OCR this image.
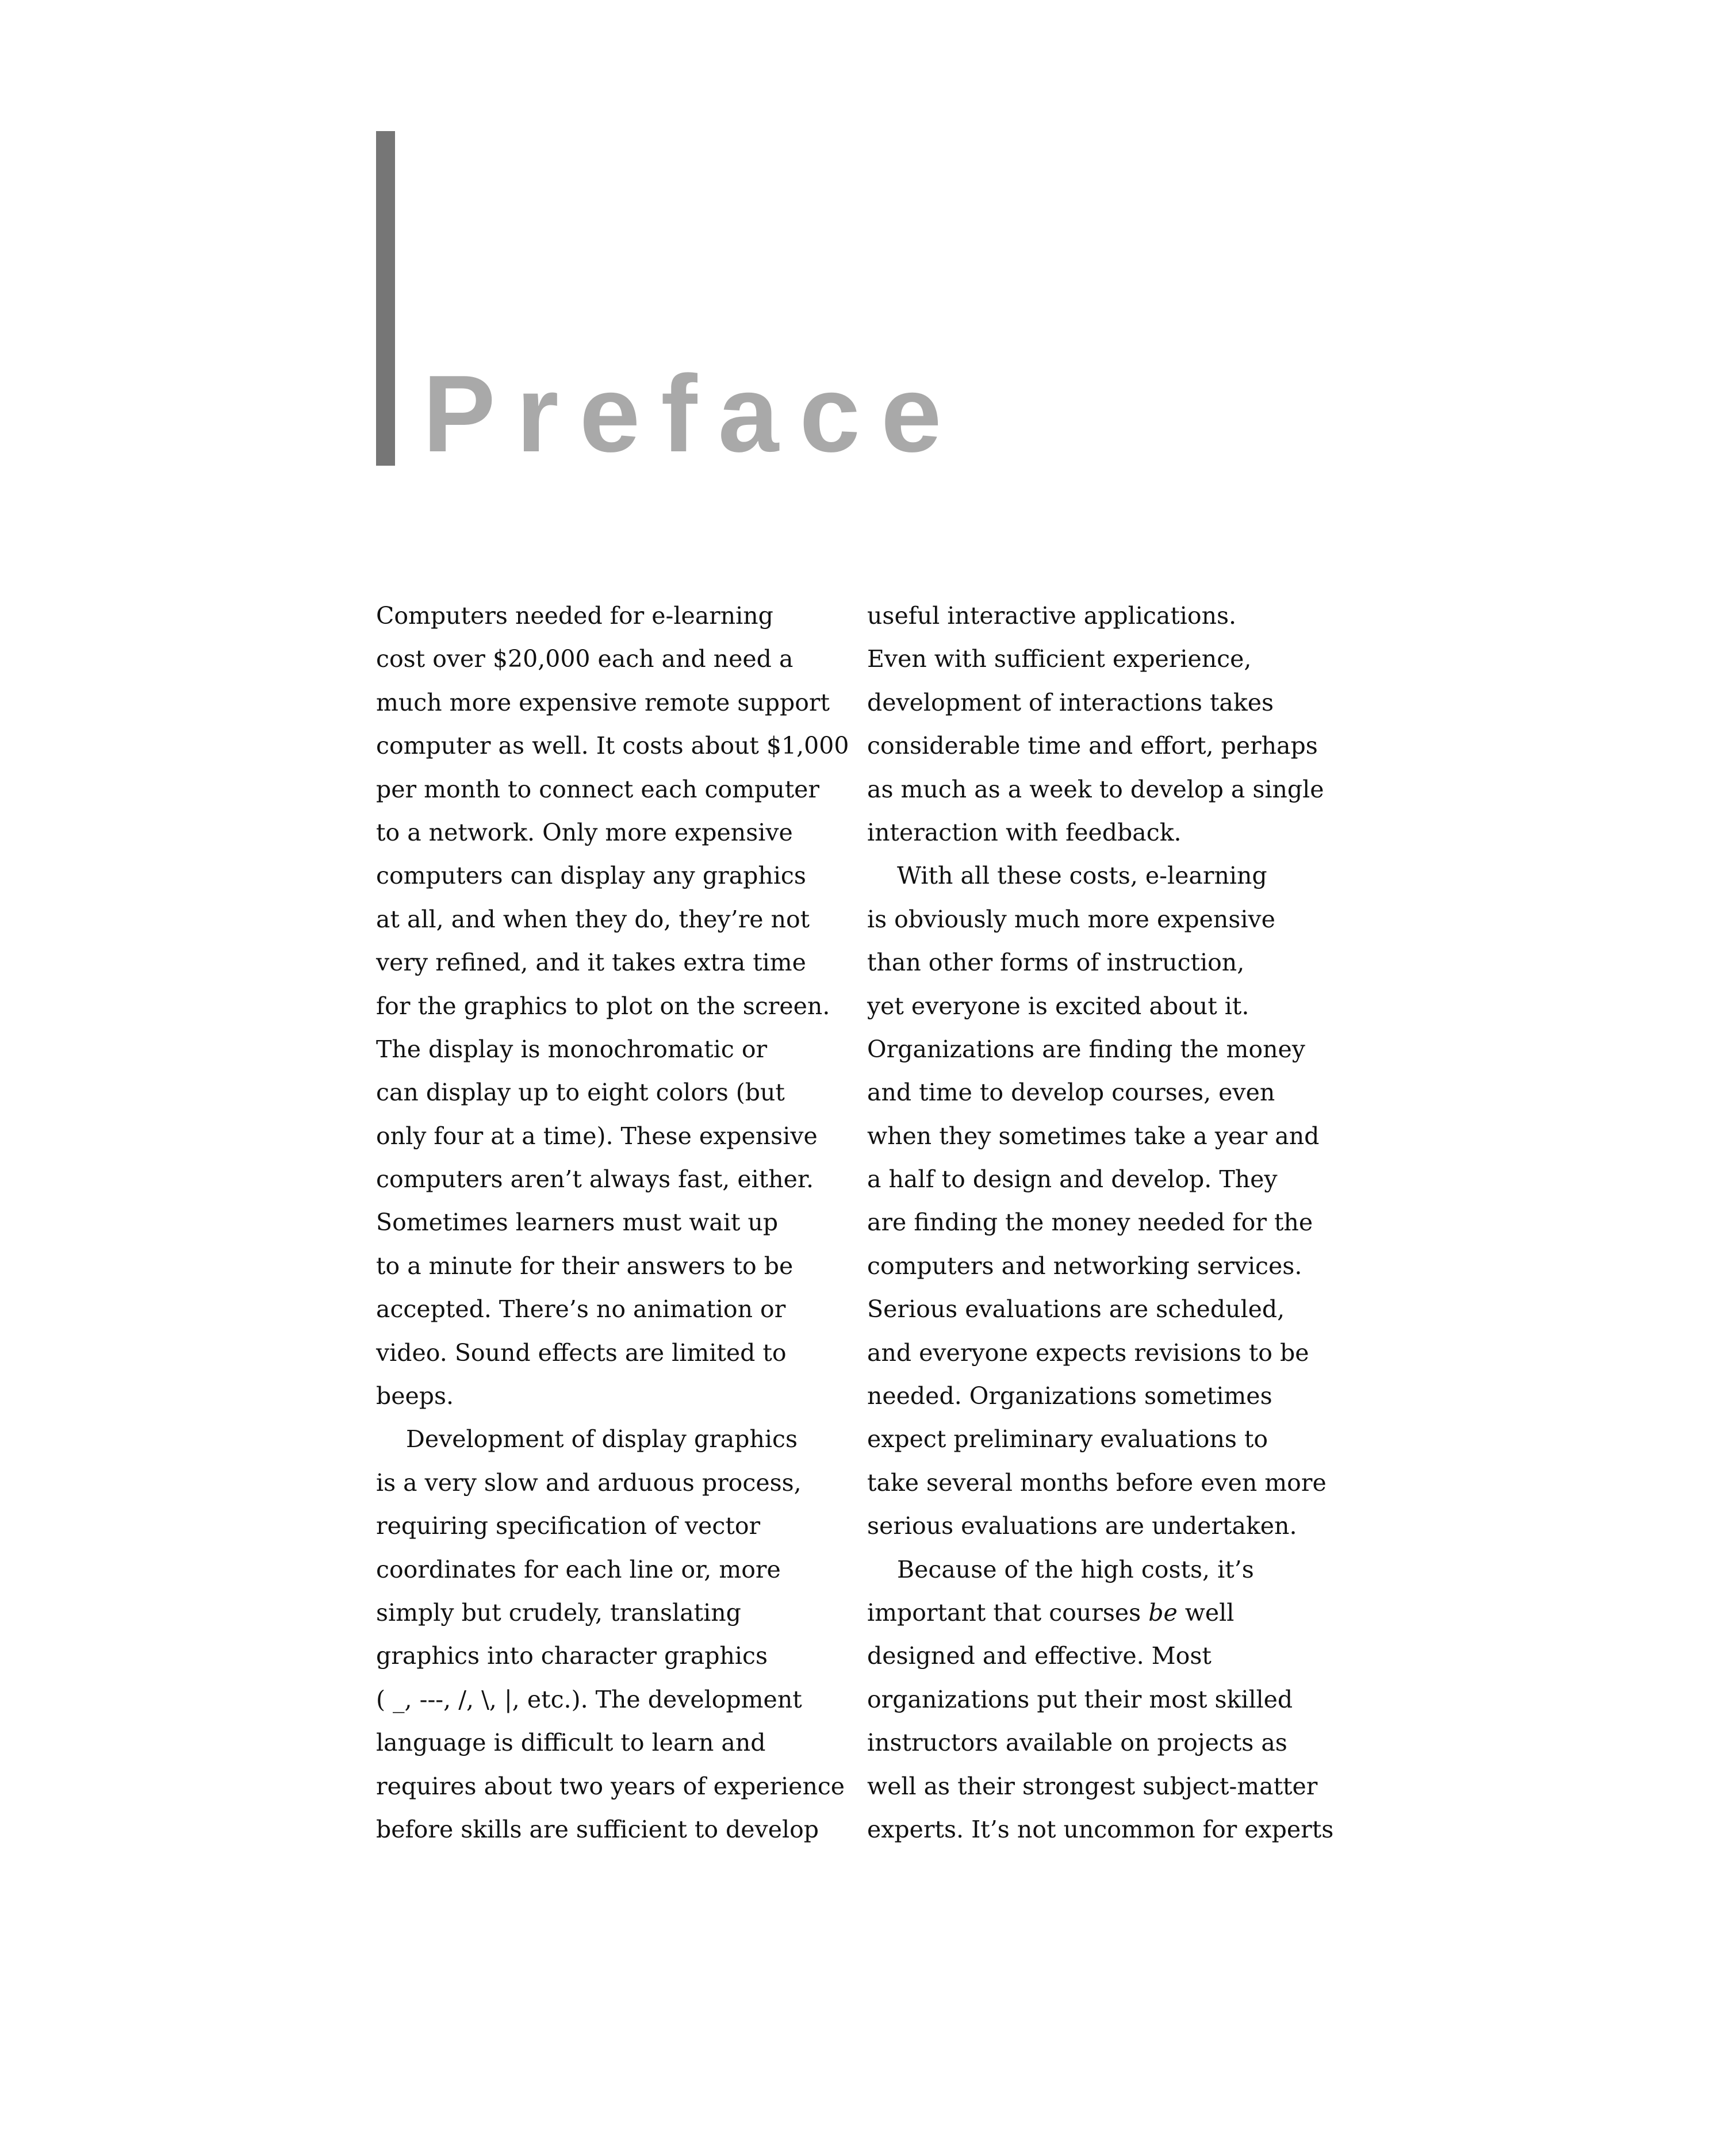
Preface
Computers needed for e-learning
cost over $20,000 each and need a
much more expensive remote support
computer as well. It costs about $1,000
per month to connect each computer
to a network. Only more expensive
computers can display any graphics
at all, and when they do, they’re not
very refined, and it takes extra time
for the graphics to plot on the screen.
The display is monochromatic or
can display up to eight colors (but
only four at a time). These expensive
computers aren’t always fast, either.
Sometimes learners must wait up
to a minute for their answers to be
accepted. There’s no animation or
video. Sound effects are limited to
beeps.
Development of display graphics
is a very slow and arduous process,
requiring specification of vector
coordinates for each line or, more
simply but crudely, translating
graphics into character graphics
( _, ---, /, \, |, etc.). The development
language is difficult to learn and
requires about two years of experience
before skills are sufficient to develop
useful interactive applications.
Even with sufficient experience,
development of interactions takes
considerable time and effort, perhaps
as much as a week to develop a single
interaction with feedback.
With all these costs, e-learning
is obviously much more expensive
than other forms of instruction,
yet everyone is excited about it.
Organizations are finding the money
and time to develop courses, even
when they sometimes take a year and
a half to design and develop. They
are finding the money needed for the
computers and networking services.
Serious evaluations are scheduled,
and everyone expects revisions to be
needed. Organizations sometimes
expect preliminary evaluations to
take several months before even more
serious evaluations are undertaken.
Because of the high costs, it’s
important that courses be well
designed and effective. Most
organizations put their most skilled
instructors available on projects as
well as their strongest subject-matter
experts. It’s not uncommon for experts
